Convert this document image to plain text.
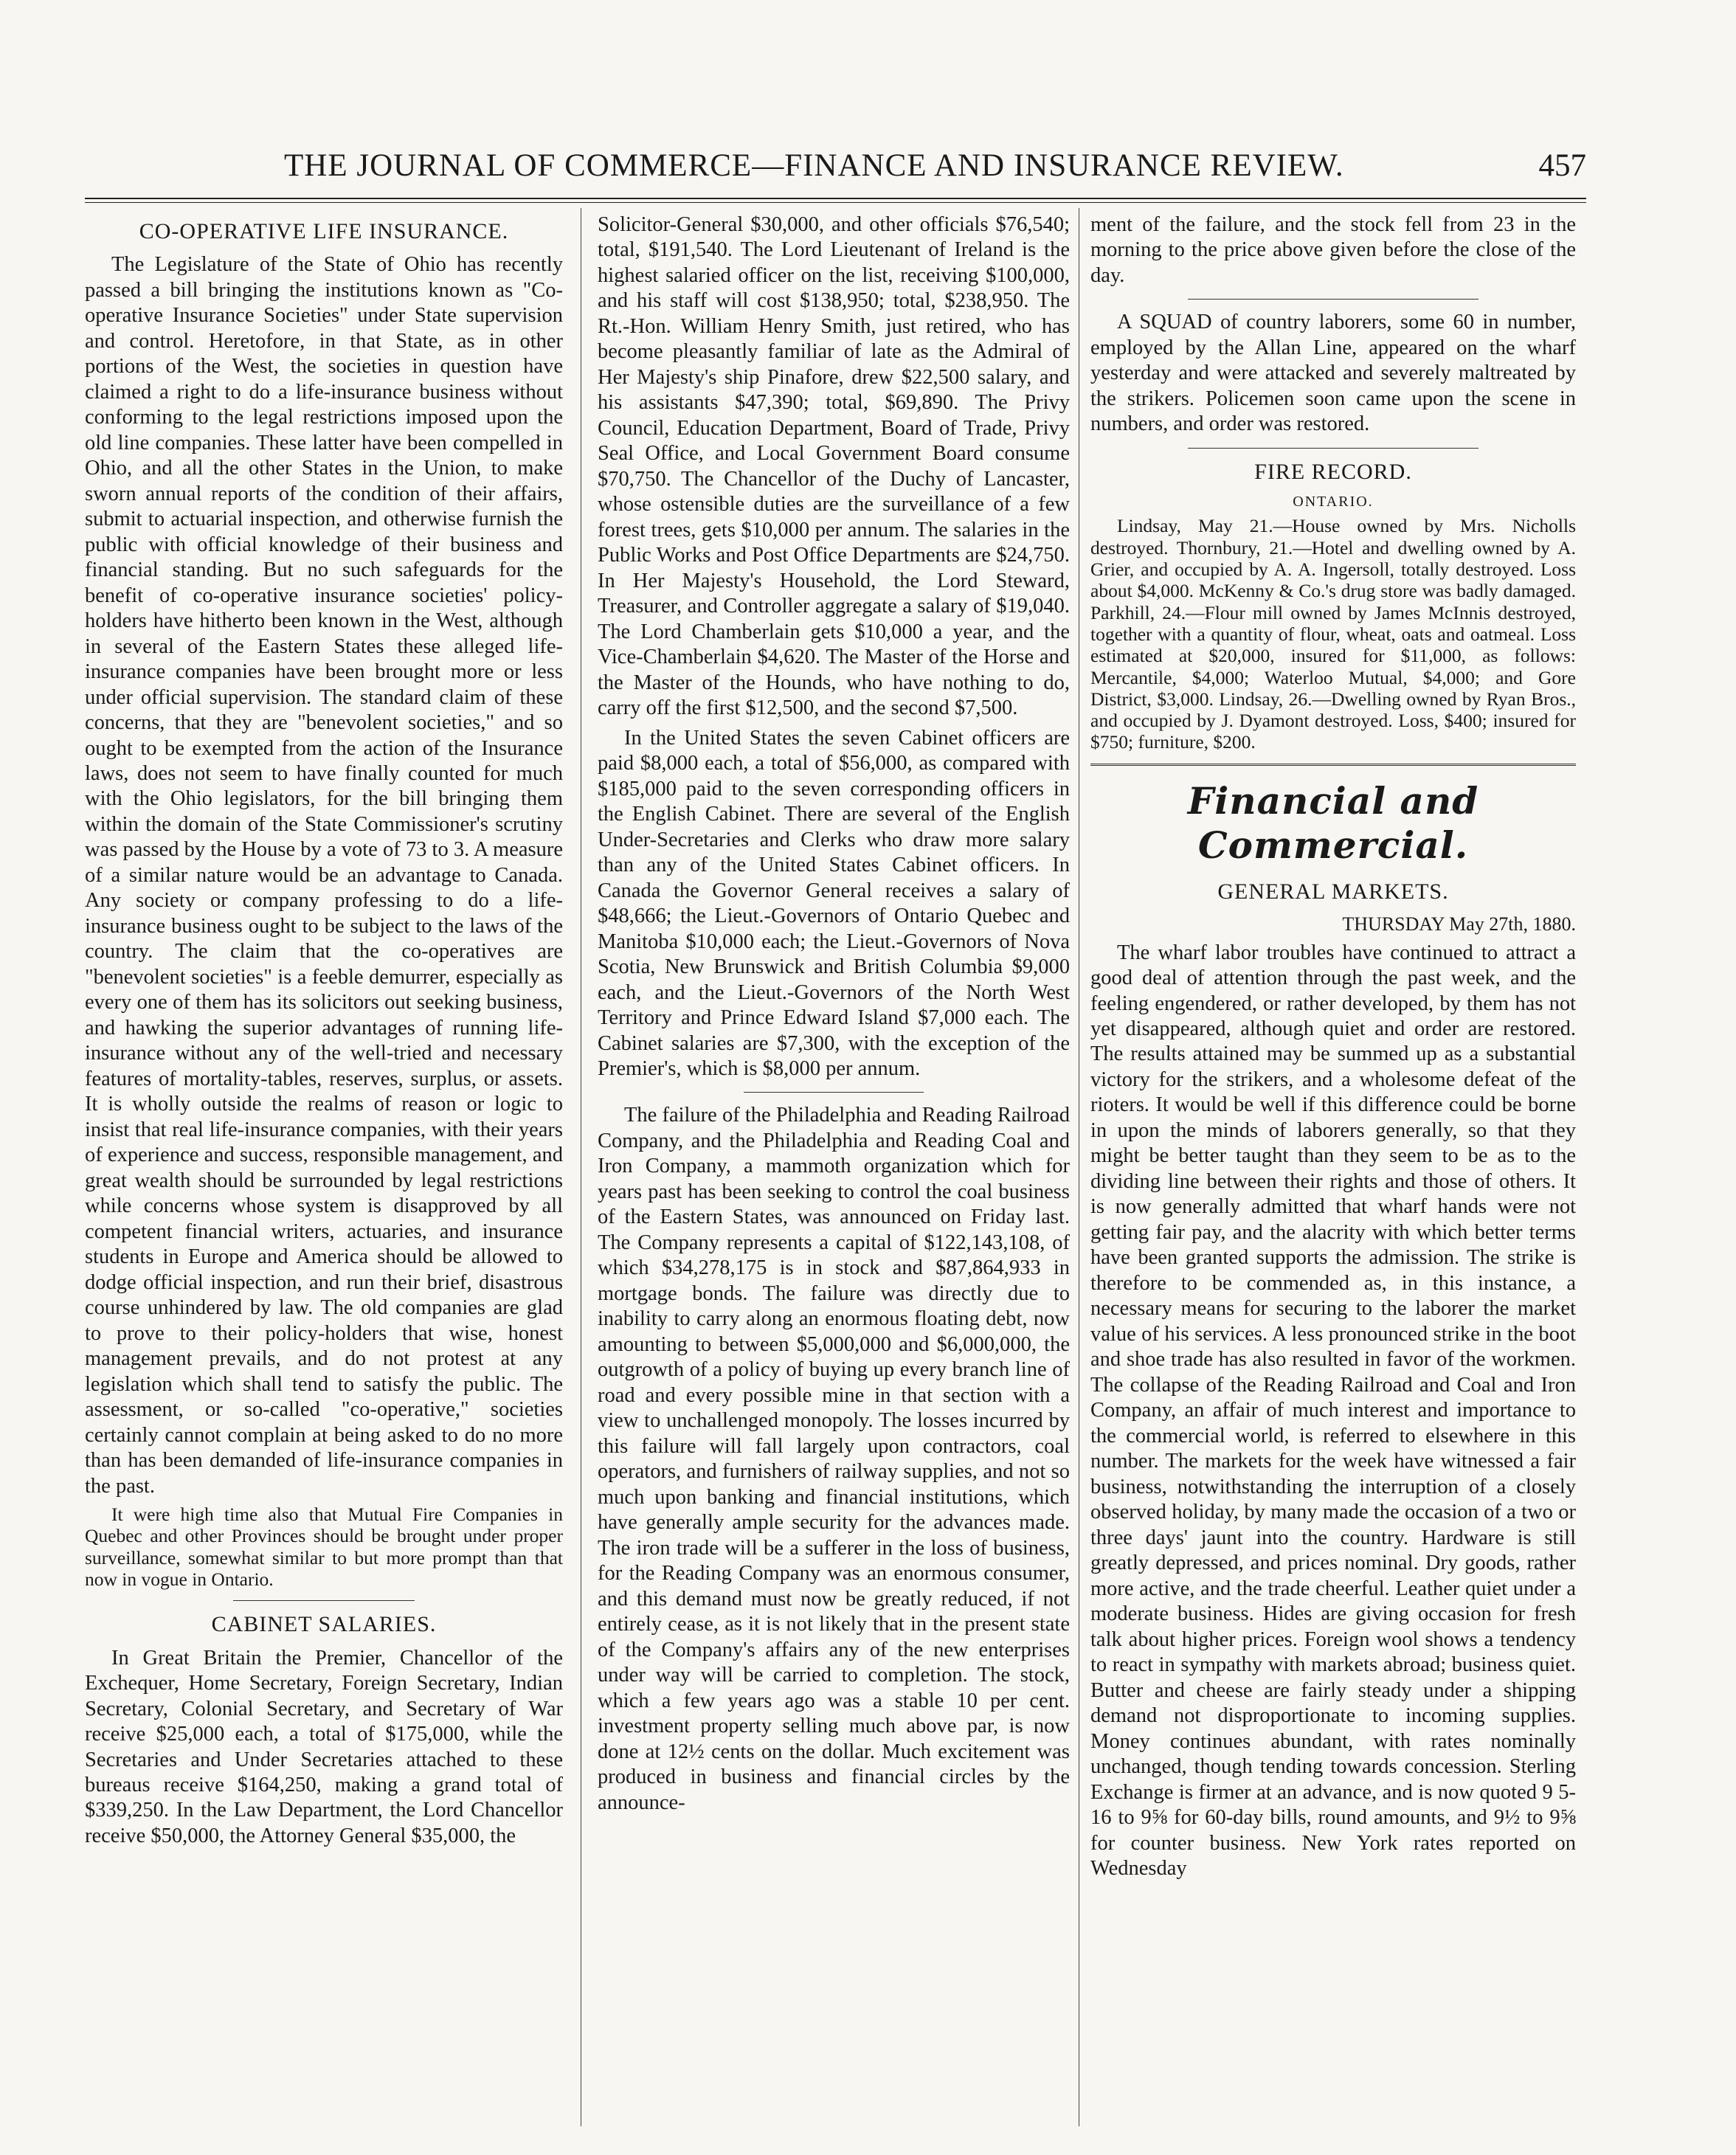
THE JOURNAL OF COMMERCE—FINANCE AND INSURANCE REVIEW.	457
CO-OPERATIVE LIFE INSURANCE.

The Legislature of the State of Ohio has recently passed a bill bringing the institutions known as "Co-operative Insurance Societies" under State supervision and control. Heretofore, in that State, as in other portions of the West, the societies in question have claimed a right to do a life-insurance business without conforming to the legal restrictions imposed upon the old line companies. These latter have been compelled in Ohio, and all the other States in the Union, to make sworn annual reports of the condition of their affairs, submit to actuarial inspection, and otherwise furnish the public with official knowledge of their business and financial standing. But no such safeguards for the benefit of co-operative insurance societies' policy-holders have hitherto been known in the West, although in several of the Eastern States these alleged life-insurance companies have been brought more or less under official supervision. The standard claim of these concerns, that they are "benevolent societies," and so ought to be exempted from the action of the Insurance laws, does not seem to have finally counted for much with the Ohio legislators, for the bill bringing them within the domain of the State Commissioner's scrutiny was passed by the House by a vote of 73 to 3. A measure of a similar nature would be an advantage to Canada. Any society or company professing to do a life-insurance business ought to be subject to the laws of the country. The claim that the co-operatives are "benevolent societies" is a feeble demurrer, especially as every one of them has its solicitors out seeking business, and hawking the superior advantages of running life-insurance without any of the well-tried and necessary features of mortality-tables, reserves, surplus, or assets. It is wholly outside the realms of reason or logic to insist that real life-insurance companies, with their years of experience and success, responsible management, and great wealth should be surrounded by legal restrictions while concerns whose system is disapproved by all competent financial writers, actuaries, and insurance students in Europe and America should be allowed to dodge official inspection, and run their brief, disastrous course unhindered by law. The old companies are glad to prove to their policy-holders that wise, honest management prevails, and do not protest at any legislation which shall tend to satisfy the public. The assessment, or so-called "co-operative," societies certainly cannot complain at being asked to do no more than has been demanded of life-insurance companies in the past.

It were high time also that Mutual Fire Companies in Quebec and other Provinces should be brought under proper surveillance, somewhat similar to but more prompt than that now in vogue in Ontario.

CABINET SALARIES.

In Great Britain the Premier, Chancellor of the Exchequer, Home Secretary, Foreign Secretary, Indian Secretary, Colonial Secretary, and Secretary of War receive $25,000 each, a total of $175,000, while the Secretaries and Under Secretaries attached to these bureaus receive $164,250, making a grand total of $339,250. In the Law Department, the Lord Chancellor receive $50,000, the Attorney General $35,000, the

Solicitor-General $30,000, and other officials $76,540; total, $191,540. The Lord Lieutenant of Ireland is the highest salaried officer on the list, receiving $100,000, and his staff will cost $138,950; total, $238,950. The Rt.-Hon. William Henry Smith, just retired, who has become pleasantly familiar of late as the Admiral of Her Majesty's ship Pinafore, drew $22,500 salary, and his assistants $47,390; total, $69,890. The Privy Council, Education Department, Board of Trade, Privy Seal Office, and Local Government Board consume $70,750. The Chancellor of the Duchy of Lancaster, whose ostensible duties are the surveillance of a few forest trees, gets $10,000 per annum. The salaries in the Public Works and Post Office Departments are $24,750. In Her Majesty's Household, the Lord Steward, Treasurer, and Controller aggregate a salary of $19,040. The Lord Chamberlain gets $10,000 a year, and the Vice-Chamberlain $4,620. The Master of the Horse and the Master of the Hounds, who have nothing to do, carry off the first $12,500, and the second $7,500.

In the United States the seven Cabinet officers are paid $8,000 each, a total of $56,000, as compared with $185,000 paid to the seven corresponding officers in the English Cabinet. There are several of the English Under-Secretaries and Clerks who draw more salary than any of the United States Cabinet officers. In Canada the Governor General receives a salary of $48,666; the Lieut.-Governors of Ontario Quebec and Manitoba $10,000 each; the Lieut.-Governors of Nova Scotia, New Brunswick and British Columbia $9,000 each, and the Lieut.-Governors of the North West Territory and Prince Edward Island $7,000 each. The Cabinet salaries are $7,300, with the exception of the Premier's, which is $8,000 per annum.

The failure of the Philadelphia and Reading Railroad Company, and the Philadelphia and Reading Coal and Iron Company, a mammoth organization which for years past has been seeking to control the coal business of the Eastern States, was announced on Friday last. The Company represents a capital of $122,143,108, of which $34,278,175 is in stock and $87,864,933 in mortgage bonds. The failure was directly due to inability to carry along an enormous floating debt, now amounting to between $5,000,000 and $6,000,000, the outgrowth of a policy of buying up every branch line of road and every possible mine in that section with a view to unchallenged monopoly. The losses incurred by this failure will fall largely upon contractors, coal operators, and furnishers of railway supplies, and not so much upon banking and financial institutions, which have generally ample security for the advances made. The iron trade will be a sufferer in the loss of business, for the Reading Company was an enormous consumer, and this demand must now be greatly reduced, if not entirely cease, as it is not likely that in the present state of the Company's affairs any of the new enterprises under way will be carried to completion. The stock, which a few years ago was a stable 10 per cent. investment property selling much above par, is now done at 12½ cents on the dollar. Much excitement was produced in business and financial circles by the announce-

ment of the failure, and the stock fell from 23 in the morning to the price above given before the close of the day.

A SQUAD of country laborers, some 60 in number, employed by the Allan Line, appeared on the wharf yesterday and were attacked and severely maltreated by the strikers. Policemen soon came upon the scene in numbers, and order was restored.

FIRE RECORD.
ONTARIO.

Lindsay, May 21.—House owned by Mrs. Nicholls destroyed. Thornbury, 21.—Hotel and dwelling owned by A. Grier, and occupied by A. A. Ingersoll, totally destroyed. Loss about $4,000. McKenny & Co.'s drug store was badly damaged. Parkhill, 24.—Flour mill owned by James McInnis destroyed, together with a quantity of flour, wheat, oats and oatmeal. Loss estimated at $20,000, insured for $11,000, as follows: Mercantile, $4,000; Waterloo Mutual, $4,000; and Gore District, $3,000. Lindsay, 26.—Dwelling owned by Ryan Bros., and occupied by J. Dyamont destroyed. Loss, $400; insured for $750; furniture, $200.

Financial and Commercial.
GENERAL MARKETS.
THURSDAY May 27th, 1880.

The wharf labor troubles have continued to attract a good deal of attention through the past week, and the feeling engendered, or rather developed, by them has not yet disappeared, although quiet and order are restored. The results attained may be summed up as a substantial victory for the strikers, and a wholesome defeat of the rioters. It would be well if this difference could be borne in upon the minds of laborers generally, so that they might be better taught than they seem to be as to the dividing line between their rights and those of others. It is now generally admitted that wharf hands were not getting fair pay, and the alacrity with which better terms have been granted supports the admission. The strike is therefore to be commended as, in this instance, a necessary means for securing to the laborer the market value of his services. A less pronounced strike in the boot and shoe trade has also resulted in favor of the workmen. The collapse of the Reading Railroad and Coal and Iron Company, an affair of much interest and importance to the commercial world, is referred to elsewhere in this number. The markets for the week have witnessed a fair business, notwithstanding the interruption of a closely observed holiday, by many made the occasion of a two or three days' jaunt into the country. Hardware is still greatly depressed, and prices nominal. Dry goods, rather more active, and the trade cheerful. Leather quiet under a moderate business. Hides are giving occasion for fresh talk about higher prices. Foreign wool shows a tendency to react in sympathy with markets abroad; business quiet. Butter and cheese are fairly steady under a shipping demand not disproportionate to incoming supplies. Money continues abundant, with rates nominally unchanged, though tending towards concession. Sterling Exchange is firmer at an advance, and is now quoted 9 5-16 to 9⅝ for 60-day bills, round amounts, and 9½ to 9⅝ for counter business. New York rates reported on Wednesday
